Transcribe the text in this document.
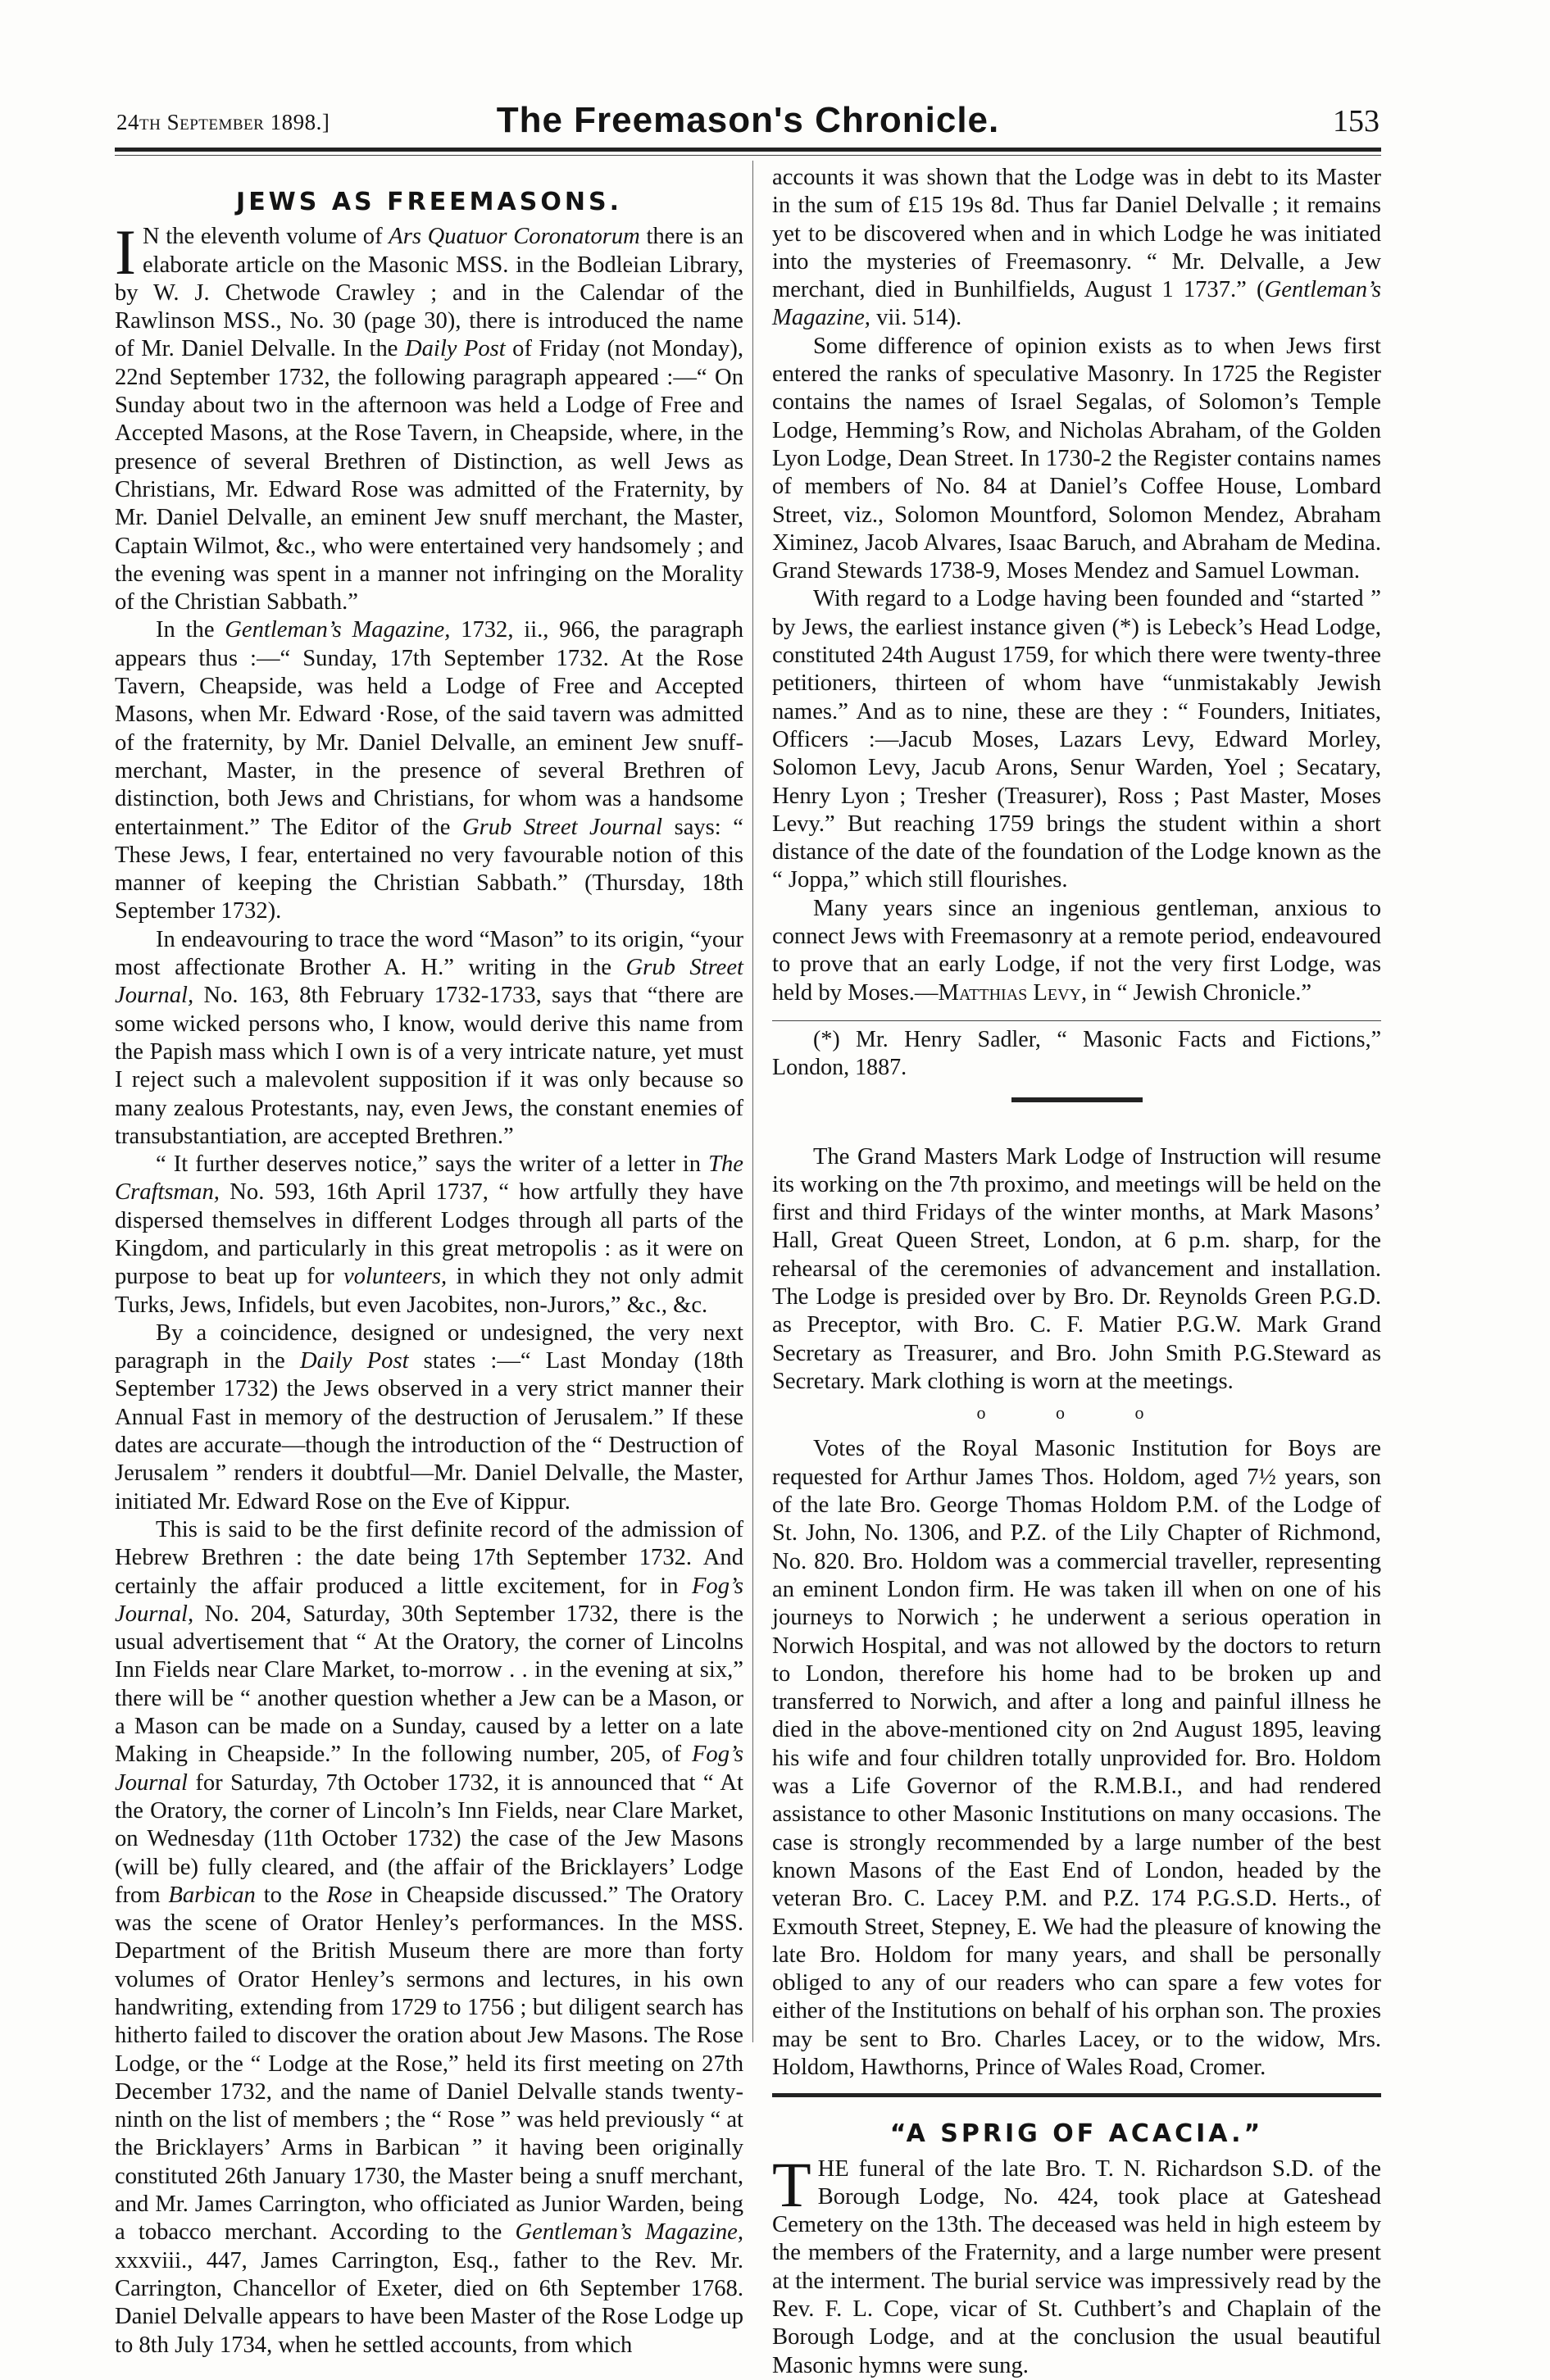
24th September 1898.]	The Freemason's Chronicle.	153
JEWS AS FREEMASONS.

I N the eleventh volume of Ars Quatuor Coronatorum there is an elaborate article on the Masonic MSS. in the Bodleian Library, by W. J. Chetwode Crawley ; and in the Calendar of the Rawlinson MSS., No. 30 (page 30), there is introduced the name of Mr. Daniel Delvalle. In the Daily Post of Friday (not Monday), 22nd September 1732, the following paragraph appeared :—“ On Sunday about two in the afternoon was held a Lodge of Free and Accepted Masons, at the Rose Tavern, in Cheapside, where, in the presence of several Brethren of Distinction, as well Jews as Christians, Mr. Edward Rose was admitted of the Fraternity, by Mr. Daniel Delvalle, an eminent Jew snuff merchant, the Master, Captain Wilmot, &c., who were entertained very handsomely ; and the evening was spent in a manner not infringing on the Morality of the Christian Sabbath.”

In the Gentleman’s Magazine, 1732, ii., 966, the paragraph appears thus :—“ Sunday, 17th September 1732. At the Rose Tavern, Cheapside, was held a Lodge of Free and Accepted Masons, when Mr. Edward ·Rose, of the said tavern was admitted of the fraternity, by Mr. Daniel Delvalle, an eminent Jew snuff-merchant, Master, in the presence of several Brethren of distinction, both Jews and Christians, for whom was a handsome entertainment.” The Editor of the Grub Street Journal says: “ These Jews, I fear, entertained no very favourable notion of this manner of keeping the Christian Sabbath.” (Thursday, 18th September 1732).

In endeavouring to trace the word “Mason” to its origin, “your most affectionate Brother A. H.” writing in the Grub Street Journal, No. 163, 8th February 1732-1733, says that “there are some wicked persons who, I know, would derive this name from the Papish mass which I own is of a very intricate nature, yet must I reject such a malevolent supposition if it was only because so many zealous Protestants, nay, even Jews, the constant enemies of transubstantiation, are accepted Brethren.”

“ It further deserves notice,” says the writer of a letter in The Craftsman, No. 593, 16th April 1737, “ how artfully they have dispersed themselves in different Lodges through all parts of the Kingdom, and particularly in this great metropolis : as it were on purpose to beat up for volunteers, in which they not only admit Turks, Jews, Infidels, but even Jacobites, non-Jurors,” &c., &c.

By a coincidence, designed or undesigned, the very next paragraph in the Daily Post states :—“ Last Monday (18th September 1732) the Jews observed in a very strict manner their Annual Fast in memory of the destruction of Jerusalem.” If these dates are accurate—though the introduction of the “ Destruction of Jerusalem ” renders it doubtful—Mr. Daniel Delvalle, the Master, initiated Mr. Edward Rose on the Eve of Kippur.

This is said to be the first definite record of the admission of Hebrew Brethren : the date being 17th September 1732. And certainly the affair produced a little excitement, for in Fog’s Journal, No. 204, Saturday, 30th September 1732, there is the usual advertisement that “ At the Oratory, the corner of Lincolns Inn Fields near Clare Market, to-morrow . . in the evening at six,” there will be “ another question whether a Jew can be a Mason, or a Mason can be made on a Sunday, caused by a letter on a late Making in Cheapside.” In the following number, 205, of Fog’s Journal for Saturday, 7th October 1732, it is announced that “ At the Oratory, the corner of Lincoln’s Inn Fields, near Clare Market, on Wednesday (11th October 1732) the case of the Jew Masons (will be) fully cleared, and (the affair of the Bricklayers’ Lodge from Barbican to the Rose in Cheapside discussed.” The Oratory was the scene of Orator Henley’s performances. In the MSS. Department of the British Museum there are more than forty volumes of Orator Henley’s sermons and lectures, in his own handwriting, extending from 1729 to 1756 ; but diligent search has hitherto failed to discover the oration about Jew Masons. The Rose Lodge, or the “ Lodge at the Rose,” held its first meeting on 27th December 1732, and the name of Daniel Delvalle stands twenty-ninth on the list of members ; the “ Rose ” was held previously “ at the Bricklayers’ Arms in Barbican ” it having been originally constituted 26th January 1730, the Master being a snuff merchant, and Mr. James Carrington, who officiated as Junior Warden, being a tobacco merchant. According to the Gentleman’s Magazine, xxxviii., 447, James Carrington, Esq., father to the Rev. Mr. Carrington, Chancellor of Exeter, died on 6th September 1768. Daniel Delvalle appears to have been Master of the Rose Lodge up to 8th July 1734, when he settled accounts, from which

accounts it was shown that the Lodge was in debt to its Master in the sum of £15 19s 8d. Thus far Daniel Delvalle ; it remains yet to be discovered when and in which Lodge he was initiated into the mysteries of Freemasonry. “ Mr. Delvalle, a Jew merchant, died in Bunhilfields, August 1 1737.” (Gentleman’s Magazine, vii. 514).

Some difference of opinion exists as to when Jews first entered the ranks of speculative Masonry. In 1725 the Register contains the names of Israel Segalas, of Solomon’s Temple Lodge, Hemming’s Row, and Nicholas Abraham, of the Golden Lyon Lodge, Dean Street. In 1730-2 the Register contains names of members of No. 84 at Daniel’s Coffee House, Lombard Street, viz., Solomon Mountford, Solomon Mendez, Abraham Ximinez, Jacob Alvares, Isaac Baruch, and Abraham de Medina. Grand Stewards 1738-9, Moses Mendez and Samuel Lowman.

With regard to a Lodge having been founded and “started ” by Jews, the earliest instance given (*) is Lebeck’s Head Lodge, constituted 24th August 1759, for which there were twenty-three petitioners, thirteen of whom have “unmistakably Jewish names.” And as to nine, these are they : “ Founders, Initiates, Officers :—Jacub Moses, Lazars Levy, Edward Morley, Solomon Levy, Jacub Arons, Senur Warden, Yoel ; Secatary, Henry Lyon ; Tresher (Treasurer), Ross ; Past Master, Moses Levy.” But reaching 1759 brings the student within a short distance of the date of the foundation of the Lodge known as the “ Joppa,” which still flourishes.

Many years since an ingenious gentleman, anxious to connect Jews with Freemasonry at a remote period, endeavoured to prove that an early Lodge, if not the very first Lodge, was held by Moses.—Matthias Levy, in “ Jewish Chronicle.”

(*) Mr. Henry Sadler, “ Masonic Facts and Fictions,” London, 1887.

The Grand Masters Mark Lodge of Instruction will resume its working on the 7th proximo, and meetings will be held on the first and third Fridays of the winter months, at Mark Masons’ Hall, Great Queen Street, London, at 6 p.m. sharp, for the rehearsal of the ceremonies of advancement and installation. The Lodge is presided over by Bro. Dr. Reynolds Green P.G.D. as Preceptor, with Bro. C. F. Matier P.G.W. Mark Grand Secretary as Treasurer, and Bro. John Smith P.G.Steward as Secretary. Mark clothing is worn at the meetings.

o o o

Votes of the Royal Masonic Institution for Boys are requested for Arthur James Thos. Holdom, aged 7½ years, son of the late Bro. George Thomas Holdom P.M. of the Lodge of St. John, No. 1306, and P.Z. of the Lily Chapter of Richmond, No. 820. Bro. Holdom was a commercial traveller, representing an eminent London firm. He was taken ill when on one of his journeys to Norwich ; he underwent a serious operation in Norwich Hospital, and was not allowed by the doctors to return to London, therefore his home had to be broken up and transferred to Norwich, and after a long and painful illness he died in the above-mentioned city on 2nd August 1895, leaving his wife and four children totally unprovided for. Bro. Holdom was a Life Governor of the R.M.B.I., and had rendered assistance to other Masonic Institutions on many occasions. The case is strongly recommended by a large number of the best known Masons of the East End of London, headed by the veteran Bro. C. Lacey P.M. and P.Z. 174 P.G.S.D. Herts., of Exmouth Street, Stepney, E. We had the pleasure of knowing the late Bro. Holdom for many years, and shall be personally obliged to any of our readers who can spare a few votes for either of the Institutions on behalf of his orphan son. The proxies may be sent to Bro. Charles Lacey, or to the widow, Mrs. Holdom, Hawthorns, Prince of Wales Road, Cromer.

“A SPRIG OF ACACIA.”

THE funeral of the late Bro. T. N. Richardson S.D. of the Borough Lodge, No. 424, took place at Gateshead Cemetery on the 13th. The deceased was held in high esteem by the members of the Fraternity, and a large number were present at the interment. The burial service was impressively read by the Rev. F. L. Cope, vicar of St. Cuthbert’s and Chaplain of the Borough Lodge, and at the conclusion the usual beautiful Masonic hymns were sung.
